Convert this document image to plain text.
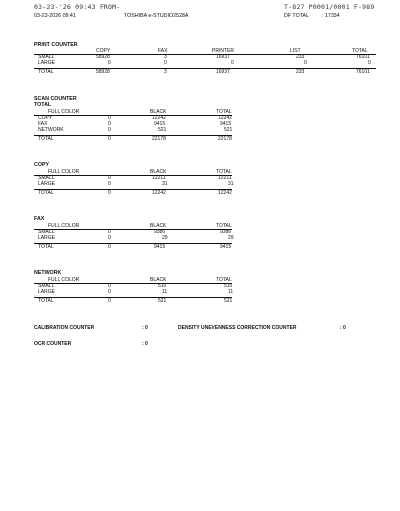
03-23-'26 09:43 FROM-	T-827 P0001/0001 F-989
03-23-2026 09:41	TOSHIBA e-STUDIO2528A	DF TOTAL : 17334
PRINT COUNTER
COPY	FAX	PRINTER	LIST	TOTAL
SMALL	58928	3	16937	233	76101
LARGE	0	0	0	0	0
TOTAL	58928	3	16937	233	76101
SCAN COUNTER
TOTAL
FULL COLOR	BLACK	TOTAL
COPY	0	12242	12242
FAX	0	9415	9415
NETWORK	0	521	521
TOTAL	0	22178	22178
COPY
FULL COLOR	BLACK	TOTAL
SMALL	0	12211	12211
LARGE	0	31	31
TOTAL	0	12242	12242
FAX
FULL COLOR	BLACK	TOTAL
SMALL	0	9386	9386
LARGE	0	29	29
TOTAL	0	9415	9415
NETWORK
FULL COLOR	BLACK	TOTAL
SMALL	0	510	510
LARGE	0	11	11
TOTAL	0	521	521
CALIBRATION COUNTER	: 0	DENSITY UNEVENNESS CORRECTION COUNTER	: 0
OCR COUNTER	: 0
